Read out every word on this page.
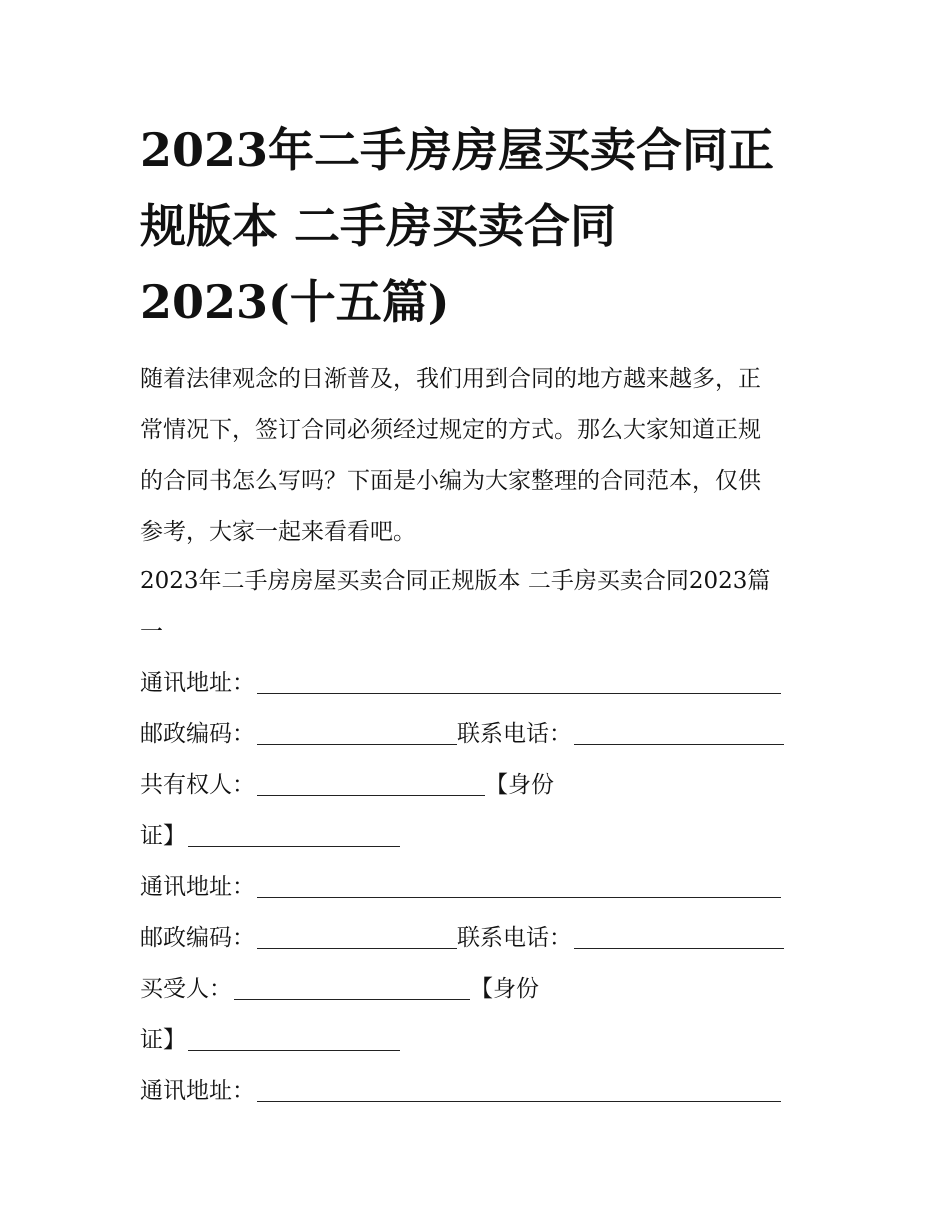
2023年二手房房屋买卖合同正
规版本 二手房买卖合同
2023(十五篇)
随着法律观念的日渐普及，我们用到合同的地方越来越多，正
常情况下，签订合同必须经过规定的方式。那么大家知道正规
的合同书怎么写吗？下面是小编为大家整理的合同范本，仅供
参考，大家一起来看看吧。
2023年二手房房屋买卖合同正规版本 二手房买卖合同2023篇
一
通讯地址：
邮政编码：	联系电话：
共有权人：	【身份
证】
通讯地址：
邮政编码：	联系电话：
买受人：	【身份
证】
通讯地址：
